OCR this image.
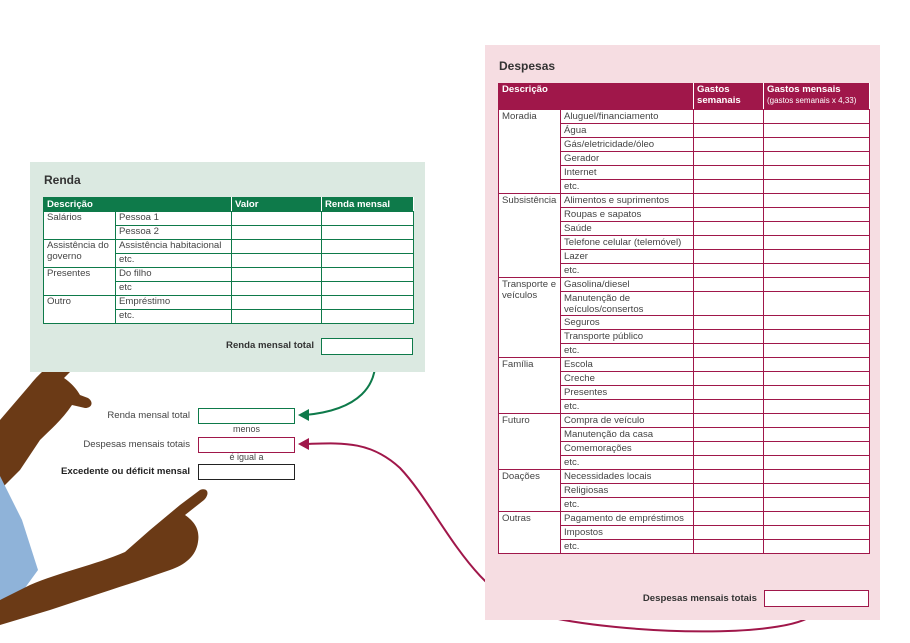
Renda
Descrição		Valor	Renda mensal
Salários	Pessoa 1		
	Pessoa 2		
Assistência do governo	Assistência habitacional		
	etc.		
Presentes	Do filho		
	etc		
Outro	Empréstimo		
	etc.		
Renda mensal total
Renda mensal total
menos
Despesas mensais totais
é igual a
Excedente ou déficit mensal
Despesas
Descrição		Gastos semanais	Gastos mensais
(gastos semanais x 4,33)

Moradia	Aluguel/financiamento		
	Água		
	Gás/eletricidade/óleo		
	Gerador		
	Internet		
	etc.		
Subsistência	Alimentos e suprimentos		
	Roupas e sapatos		
	Saúde		
	Telefone celular (telemóvel)		
	Lazer		
	etc.		
Transporte e veículos	Gasolina/diesel		
	Manutenção de veículos/consertos		
	Seguros		
	Transporte público		
	etc.		
Família	Escola		
	Creche		
	Presentes		
	etc.		
Futuro	Compra de veículo		
	Manutenção da casa		
	Comemorações		
	etc.		
Doações	Necessidades locais		
	Religiosas		
	etc.		
Outras	Pagamento de empréstimos		
	Impostos		
	etc.		
Despesas mensais totais
